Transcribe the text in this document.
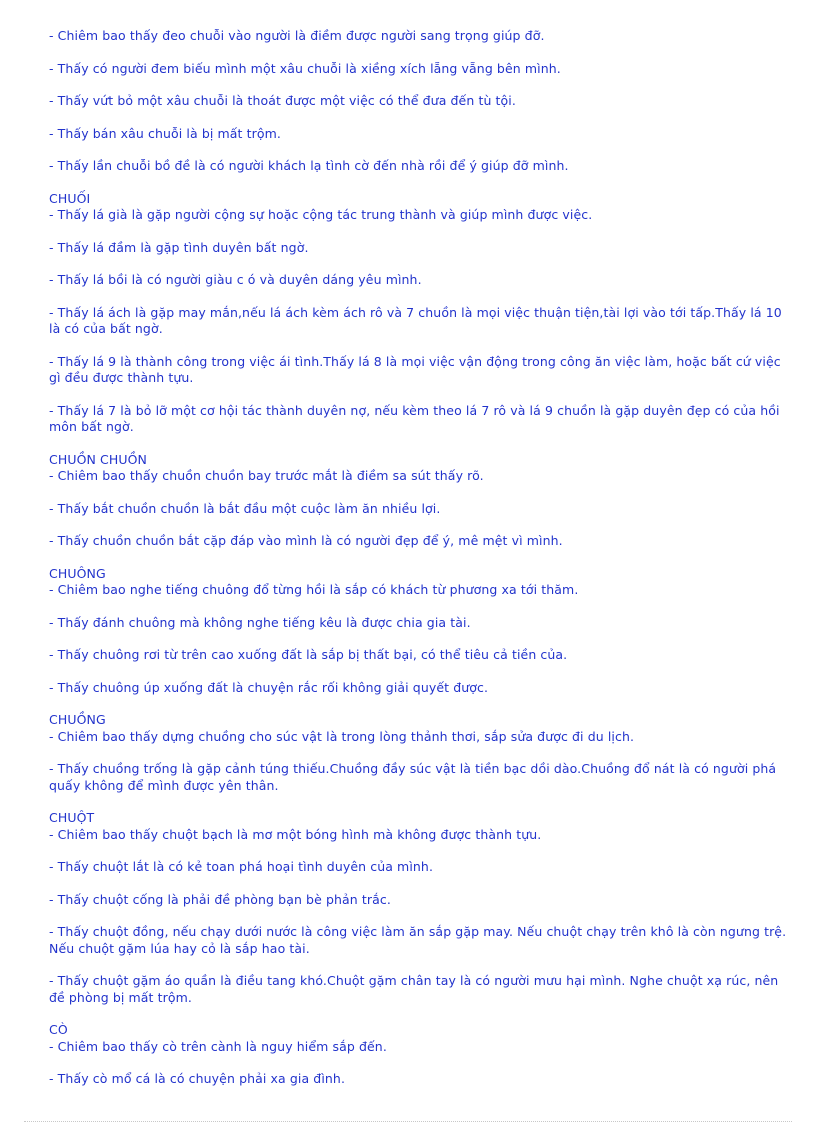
- Chiêm bao thấy đeo chuỗi vào người là điềm được người sang trọng giúp đỡ.

- Thấy có người đem biếu mình một xâu chuỗi là xiềng xích lẵng vẵng bên mình.

- Thấy vứt bỏ một xâu chuỗi là thoát được một việc có thể đưa đến tù tội.

- Thấy bán xâu chuỗi là bị mất trộm.

- Thấy lần chuỗi bồ đề là có người khách lạ tình cờ đến nhà rồi để ý giúp đỡ mình.

CHUỐI

- Thấy lá già là gặp người cộng sự hoặc cộng tác trung thành và giúp mình được việc.

- Thấy lá đầm là gặp tình duyên bất ngờ.

- Thấy lá bồi là có người giàu c ó và duyên dáng yêu mình.

- Thấy lá ách là gặp may mắn,nếu lá ách kèm ách rô và 7 chuồn là mọi việc thuận tiện,tài lợi vào tới tấp.Thấy lá 10 là có của bất ngờ.

- Thấy lá 9 là thành công trong việc ái tình.Thấy lá 8 là mọi việc vận động trong công ăn việc làm, hoặc bất cứ việc gì đều được thành tựu.

- Thấy lá 7 là bỏ lỡ một cơ hội tác thành duyên nợ, nếu kèm theo lá 7 rô và lá 9 chuồn là gặp duyên đẹp có của hồi môn bất ngờ.

CHUỒN CHUỒN

- Chiêm bao thấy chuồn chuồn bay trước mắt là điềm sa sút thấy rõ.

- Thấy bắt chuồn chuồn là bắt đầu một cuộc làm ăn nhiều lợi.

- Thấy chuồn chuồn bắt cặp đáp vào mình là có người đẹp để ý, mê mệt vì mình.

CHUÔNG

- Chiêm bao nghe tiếng chuông đổ từng hồi là sắp có khách từ phương xa tới thăm.

- Thấy đánh chuông mà không nghe tiếng kêu là được chia gia tài.

- Thấy chuông rơi từ trên cao xuống đất là sắp bị thất bại, có thể tiêu cả tiền của.

- Thấy chuông úp xuống đất là chuyện rắc rối không giải quyết được.

CHUỒNG

- Chiêm bao thấy dựng chuồng cho súc vật là trong lòng thảnh thơi, sắp sửa được đi du lịch.

- Thấy chuồng trống là gặp cảnh túng thiếu.Chuồng đầy súc vật là tiền bạc dồi dào.Chuồng đổ nát là có người phá quấy không để mình được yên thân.

CHUỘT

- Chiêm bao thấy chuột bạch là mơ một bóng hình mà không được thành tựu.

- Thấy chuột lắt là có kẻ toan phá hoại tình duyên của mình.

- Thấy chuột cống là phải đề phòng bạn bè phản trắc.

- Thấy chuột đồng, nếu chạy dưới nước là công việc làm ăn sắp gặp may. Nếu chuột chạy trên khô là còn ngưng trệ. Nếu chuột gặm lúa hay cỏ là sắp hao tài.

- Thấy chuột gặm áo quần là điều tang khó.Chuột gặm chân tay là có người mưu hại mình. Nghe chuột xạ rúc, nên đề phòng bị mất trộm.

CÒ

- Chiêm bao thấy cò trên cành là nguy hiểm sắp đến.

- Thấy cò mổ cá là có chuyện phải xa gia đình.
